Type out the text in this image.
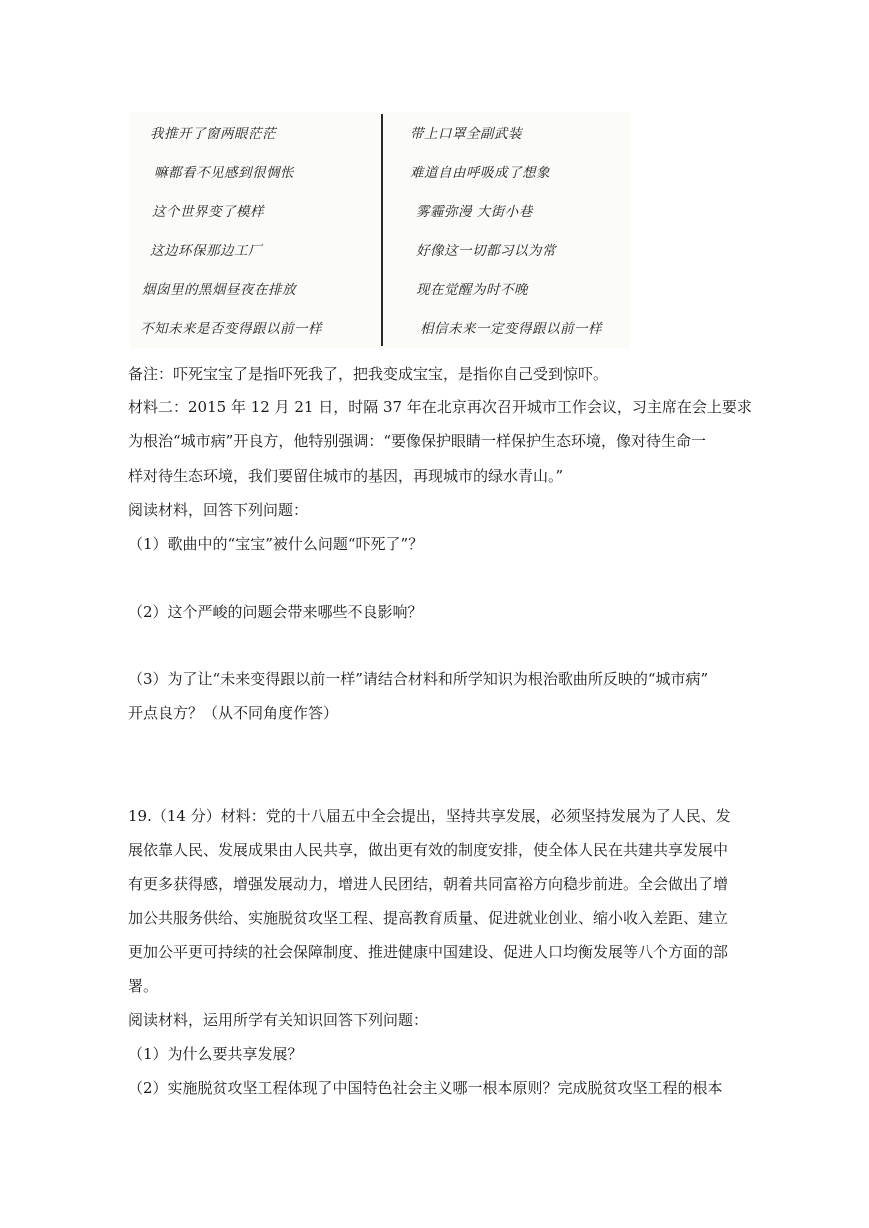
我推开了窗两眼茫茫
嘛都看不见感到很惆怅
这个世界变了模样
这边环保那边工厂
烟囱里的黑烟昼夜在排放
不知未来是否变得跟以前一样
带上口罩全副武装
难道自由呼吸成了想象
雾霾弥漫 大街小巷
好像这一切都习以为常
现在觉醒为时不晚
相信未来一定变得跟以前一样
备注：吓死宝宝了是指吓死我了，把我变成宝宝，是指你自己受到惊吓。
材料二：2015 年 12 月 21 日，时隔 37 年在北京再次召开城市工作会议，习主席在会上要求
为根治“城市病”开良方，他特别强调：“要像保护眼睛一样保护生态环境，像对待生命一
样对待生态环境，我们要留住城市的基因，再现城市的绿水青山。”
阅读材料，回答下列问题：
（1）歌曲中的“宝宝”被什么问题“吓死了”？
（2）这个严峻的问题会带来哪些不良影响？
（3）为了让“未来变得跟以前一样”请结合材料和所学知识为根治歌曲所反映的“城市病”
开点良方？（从不同角度作答）
19.（14 分）材料：党的十八届五中全会提出，坚持共享发展，必须坚持发展为了人民、发
展依靠人民、发展成果由人民共享，做出更有效的制度安排，使全体人民在共建共享发展中
有更多获得感，增强发展动力，增进人民团结，朝着共同富裕方向稳步前进。全会做出了增
加公共服务供给、实施脱贫攻坚工程、提高教育质量、促进就业创业、缩小收入差距、建立
更加公平更可持续的社会保障制度、推进健康中国建设、促进人口均衡发展等八个方面的部
署。
阅读材料，运用所学有关知识回答下列问题：
（1）为什么要共享发展？
（2）实施脱贫攻坚工程体现了中国特色社会主义哪一根本原则？完成脱贫攻坚工程的根本
